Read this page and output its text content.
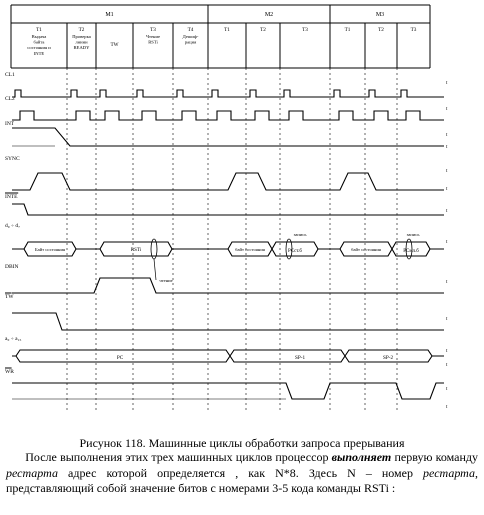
M1	M2	M3
T1
Выдача
байта
состояния и
INTE
T2
Проверка
линии
READY	TW
T3
Чтение
RSTi
T4
Дешиф-
рация
T1	T2	T3	T1	T2	T3
CL1
CL2
INT
SYNC
INTE
d₀ ÷ d₇
DBIN
TW
a₀ ÷ a₁₅
WR
t
t
t
t
t
t
t
t
t
t
t
t
t
t
Байт состояния	RSTi	байт состояния	PCст.б	байт состояния	PCмл.б
запись	запись
чтение
PC	SP-1	SP-2
Рисунок 118. Машинные циклы обработки запроса прерывания
После выполнения этих трех машинных циклов процессор выполняет первую команду рестарта адрес которой определяется , как N*8. Здесь N – номер рестарта, представляющий собой значение битов с номерами 3-5 кода команды RSTi :
